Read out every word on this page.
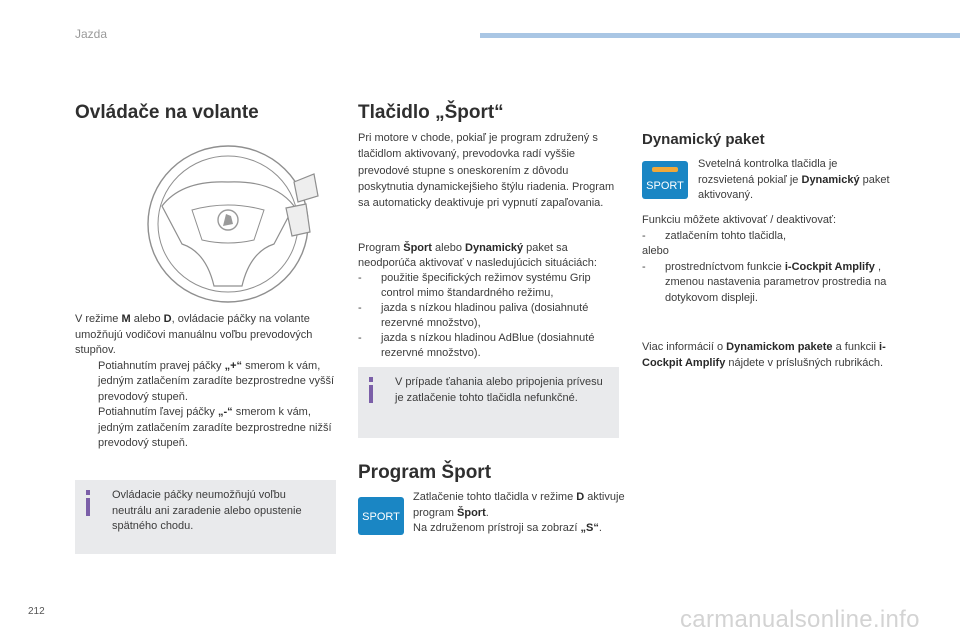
Jazda
Ovládače na volante

V režime M alebo D, ovládacie páčky na volante umožňujú vodičovi manuálnu voľbu prevodových stupňov.

Potiahnutím pravej páčky „+“ smerom k vám, jedným zatlačením zaradíte bezprostredne vyšší prevodový stupeň.

Potiahnutím ľavej páčky „-“ smerom k vám, jedným zatlačením zaradíte bezprostredne nižší prevodový stupeň.

Ovládacie páčky neumožňujú voľbu neutrálu ani zaradenie alebo opustenie spätného chodu.
Tlačidlo „Šport“
Pri motore v chode, pokiaľ je program združený s tlačidlom aktivovaný, prevodovka radí vyššie prevodové stupne s oneskorením z dôvodu poskytnutia dynamickejšieho štýlu riadenia. Program sa automaticky deaktivuje pri vypnutí zapaľovania.

Program Šport alebo Dynamický paket sa neodporúča aktivovať v nasledujúcich situáciách:

- použitie špecifických režimov systému Grip control mimo štandardného režimu,

- jazda s nízkou hladinou paliva (dosiahnuté rezervné množstvo),

- jazda s nízkou hladinou AdBlue (dosiahnuté rezervné množstvo).

V prípade ťahania alebo pripojenia prívesu je zatlačenie tohto tlačidla nefunkčné.
Program Šport
SPORT

Zatlačenie tohto tlačidla v režime D aktivuje program Šport.

Na združenom prístroji sa zobrazí „S“.

Dynamický paket
SPORT
Svetelná kontrolka tlačidla je rozsvietená pokiaľ je Dynamický paket aktivovaný.

Funkciu môžete aktivovať / deaktivovať:

- zatlačením tohto tlačidla,

alebo

- prostredníctvom funkcie i-Cockpit Amplify , zmenou nastavenia parametrov prostredia na dotykovom displeji.

Viac informácií o Dynamickom pakete a funkcii i-Cockpit Amplify nájdete v príslušných rubrikách.
212	carmanualsonline.info
